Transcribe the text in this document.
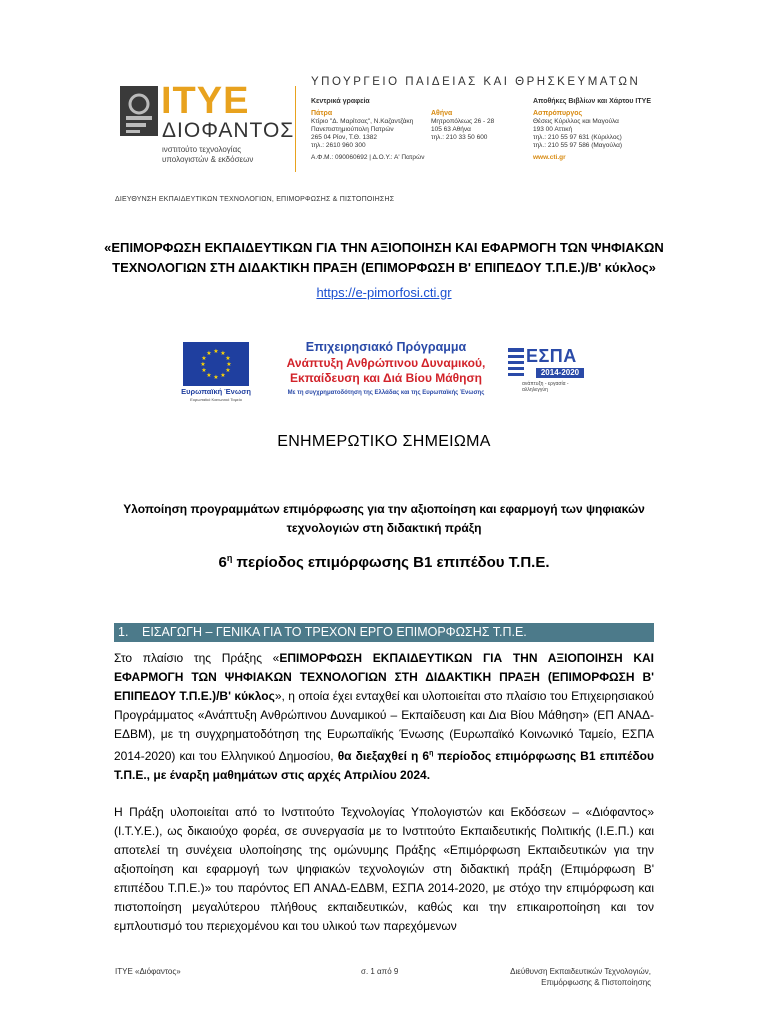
ΙΤΥΕ
ΔΙΟΦΑΝΤΟΣ
ινστιτούτο τεχνολογίας
υπολογιστών & εκδόσεων
ΥΠΟΥΡΓΕΙΟ ΠΑΙΔΕΙΑΣ ΚΑΙ ΘΡΗΣΚΕΥΜΑΤΩΝ
Κεντρικά γραφεία
Πάτρα
Κτίριο "Δ. Μαρίτσας", Ν.Καζαντζάκη
Πανεπιστημιούπολη Πατρών
265 04 Ρίον, Τ.Θ. 1382
τηλ.: 2610 960 300
Α.Φ.Μ.: 090060692 | Δ.Ο.Υ.: Α' Πατρών
Αθήνα
Μητροπόλεως 26 - 28
105 63 Αθήνα
τηλ.: 210 33 50 600
Αποθήκες Βιβλίων και Χάρτου ΙΤΥΕ
Ασπρόπυργος
Θέσεις Κύριλλος και Μαγούλα
193 00 Αττική
τηλ.: 210 55 97 631 (Κύριλλος)
τηλ.: 210 55 97 586 (Μαγούλα)
www.cti.gr
ΔΙΕΥΘΥΝΣΗ ΕΚΠΑΙΔΕΥΤΙΚΩΝ ΤΕΧΝΟΛΟΓΙΩΝ, ΕΠΙΜΟΡΦΩΣΗΣ & ΠΙΣΤΟΠΟΙΗΣΗΣ
«ΕΠΙΜΟΡΦΩΣΗ ΕΚΠΑΙΔΕΥΤΙΚΩΝ ΓΙΑ ΤΗΝ ΑΞΙΟΠΟΙΗΣΗ ΚΑΙ ΕΦΑΡΜΟΓΗ ΤΩΝ ΨΗΦΙΑΚΩΝ ΤΕΧΝΟΛΟΓΙΩΝ ΣΤΗ ΔΙΔΑΚΤΙΚΗ ΠΡΑΞΗ (ΕΠΙΜΟΡΦΩΣΗ Β' ΕΠΙΠΕΔΟΥ Τ.Π.Ε.)/Β' κύκλος»
https://e-pimorfosi.cti.gr
★ ★
★
★
★
★
★
★
★
★
★
★
Ευρωπαϊκή Ένωση
Ευρωπαϊκό Κοινωνικό Ταμείο
Επιχειρησιακό Πρόγραμμα
Ανάπτυξη Ανθρώπινου Δυναμικού,
Εκπαίδευση και Διά Βίου Μάθηση
Με τη συγχρηματοδότηση της Ελλάδας και της Ευρωπαϊκής Ένωσης
ΕΣΠΑ
2014-2020
ανάπτυξη - εργασία - αλληλεγγύη
ΕΝΗΜΕΡΩΤΙΚΟ ΣΗΜΕΙΩΜΑ
Υλοποίηση προγραμμάτων επιμόρφωσης για την αξιοποίηση και εφαρμογή των ψηφιακών τεχνολογιών στη διδακτική πράξη
$6^\eta$ περίοδος επιμόρφωσης Β1 επιπέδου Τ.Π.Ε.
1. ΕΙΣΑΓΩΓΗ – ΓΕΝΙΚΑ ΓΙΑ ΤΟ ΤΡΕΧΟΝ ΕΡΓΟ ΕΠΙΜΟΡΦΩΣΗΣ Τ.Π.Ε.
Στο πλαίσιο της Πράξης «ΕΠΙΜΟΡΦΩΣΗ ΕΚΠΑΙΔΕΥΤΙΚΩΝ ΓΙΑ ΤΗΝ ΑΞΙΟΠΟΙΗΣΗ ΚΑΙ ΕΦΑΡΜΟΓΗ ΤΩΝ ΨΗΦΙΑΚΩΝ ΤΕΧΝΟΛΟΓΙΩΝ ΣΤΗ ΔΙΔΑΚΤΙΚΗ ΠΡΑΞΗ (ΕΠΙΜΟΡΦΩΣΗ Β' ΕΠΙΠΕΔΟΥ Τ.Π.Ε.)/Β' κύκλος», η οποία έχει ενταχθεί και υλοποιείται στο πλαίσιο του Επιχειρησιακού Προγράμματος «Ανάπτυξη Ανθρώπινου Δυναμικού – Εκπαίδευση και Δια Βίου Μάθηση» (ΕΠ ΑΝΑΔ-ΕΔΒΜ), με τη συγχρηματοδότηση της Ευρωπαϊκής Ένωσης (Ευρωπαϊκό Κοινωνικό Ταμείο, ΕΣΠΑ 2014-2020) και του Ελληνικού Δημοσίου, θα διεξαχθεί η $6^\eta$ περίοδος επιμόρφωσης Β1 επιπέδου Τ.Π.Ε., με έναρξη μαθημάτων στις αρχές Απριλίου 2024.
Η Πράξη υλοποιείται από το Ινστιτούτο Τεχνολογίας Υπολογιστών και Εκδόσεων – «Διόφαντος» (Ι.Τ.Υ.Ε.), ως δικαιούχο φορέα, σε συνεργασία με το Ινστιτούτο Εκπαιδευτικής Πολιτικής (Ι.Ε.Π.) και αποτελεί τη συνέχεια υλοποίησης της ομώνυμης Πράξης «Επιμόρφωση Εκπαιδευτικών για την αξιοποίηση και εφαρμογή των ψηφιακών τεχνολογιών στη διδακτική πράξη (Επιμόρφωση Β' επιπέδου Τ.Π.Ε.)» του παρόντος ΕΠ ΑΝΑΔ-ΕΔΒΜ, ΕΣΠΑ 2014-2020, με στόχο την επιμόρφωση και πιστοποίηση μεγαλύτερου πλήθους εκπαιδευτικών, καθώς και την επικαιροποίηση και τον εμπλουτισμό του περιεχομένου και του υλικού των παρεχόμενων
ΙΤΥΕ «Διόφαντος»	σ. 1 από 9	Διεύθυνση Εκπαιδευτικών Τεχνολογιών,
Επιμόρφωσης & Πιστοποίησης
